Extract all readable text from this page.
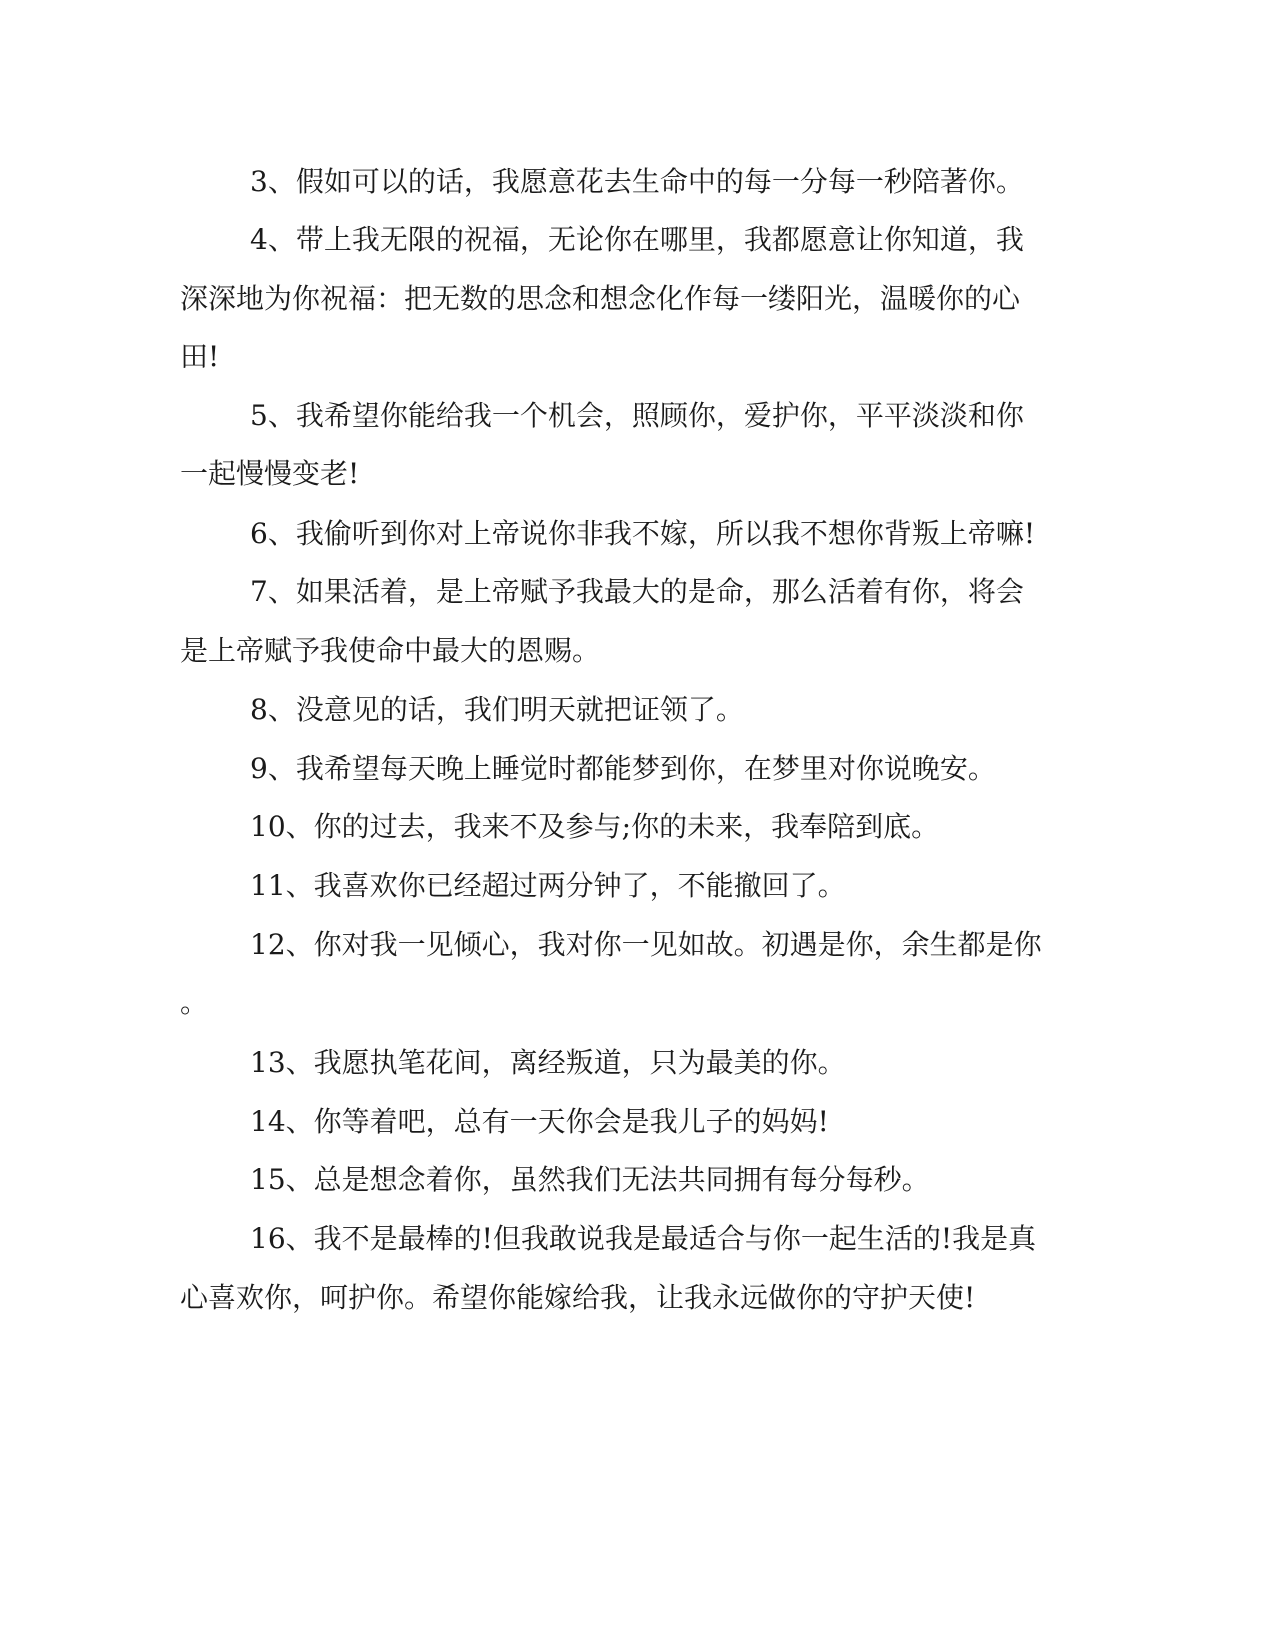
3、假如可以的话，我愿意花去生命中的每一分每一秒陪著你。
4、带上我无限的祝福，无论你在哪里，我都愿意让你知道，我
深深地为你祝福：把无数的思念和想念化作每一缕阳光，温暖你的心
田!
5、我希望你能给我一个机会，照顾你，爱护你，平平淡淡和你
一起慢慢变老!
6、我偷听到你对上帝说你非我不嫁，所以我不想你背叛上帝嘛!
7、如果活着，是上帝赋予我最大的是命，那么活着有你，将会
是上帝赋予我使命中最大的恩赐。
8、没意见的话，我们明天就把证领了。
9、我希望每天晚上睡觉时都能梦到你，在梦里对你说晚安。
10、你的过去，我来不及参与;你的未来，我奉陪到底。
11、我喜欢你已经超过两分钟了，不能撤回了。
12、你对我一见倾心，我对你一见如故。初遇是你，余生都是你
。
13、我愿执笔花间，离经叛道，只为最美的你。
14、你等着吧，总有一天你会是我儿子的妈妈!
15、总是想念着你，虽然我们无法共同拥有每分每秒。
16、我不是最棒的!但我敢说我是最适合与你一起生活的!我是真
心喜欢你，呵护你。希望你能嫁给我，让我永远做你的守护天使!
